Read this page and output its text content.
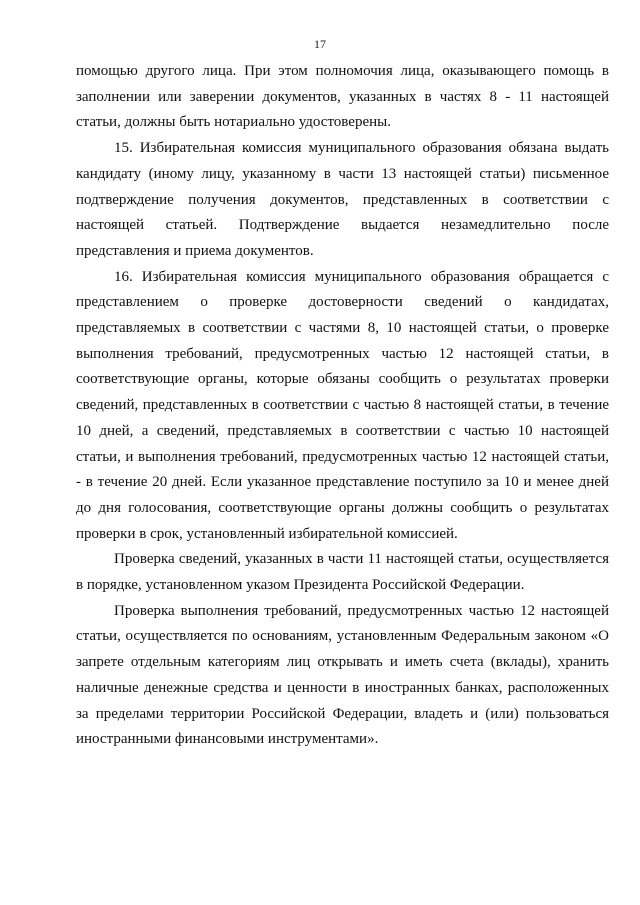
17

помощью другого лица. При этом полномочия лица, оказывающего помощь в заполнении или заверении документов, указанных в частях 8 - 11 настоящей статьи, должны быть нотариально удостоверены.

15. Избирательная комиссия муниципального образования обязана выдать кандидату (иному лицу, указанному в части 13 настоящей статьи) письменное подтверждение получения документов, представленных в соответствии с настоящей статьей. Подтверждение выдается незамедлительно после представления и приема документов.

16. Избирательная комиссия муниципального образования обращается с представлением о проверке достоверности сведений о кандидатах, представляемых в соответствии с частями 8, 10 настоящей статьи, о проверке выполнения требований, предусмотренных частью 12 настоящей статьи, в соответствующие органы, которые обязаны сообщить о результатах проверки сведений, представленных в соответствии с частью 8 настоящей статьи, в течение 10 дней, а сведений, представляемых в соответствии с частью 10 настоящей статьи, и выполнения требований, предусмотренных частью 12 настоящей статьи, - в течение 20 дней. Если указанное представление поступило за 10 и менее дней до дня голосования, соответствующие органы должны сообщить о результатах проверки в срок, установленный избирательной комиссией.

Проверка сведений, указанных в части 11 настоящей статьи, осуществляется в порядке, установленном указом Президента Российской Федерации.

Проверка выполнения требований, предусмотренных частью 12 настоящей статьи, осуществляется по основаниям, установленным Федеральным законом «О запрете отдельным категориям лиц открывать и иметь счета (вклады), хранить наличные денежные средства и ценности в иностранных банках, расположенных за пределами территории Российской Федерации, владеть и (или) пользоваться иностранными финансовыми инструментами».
